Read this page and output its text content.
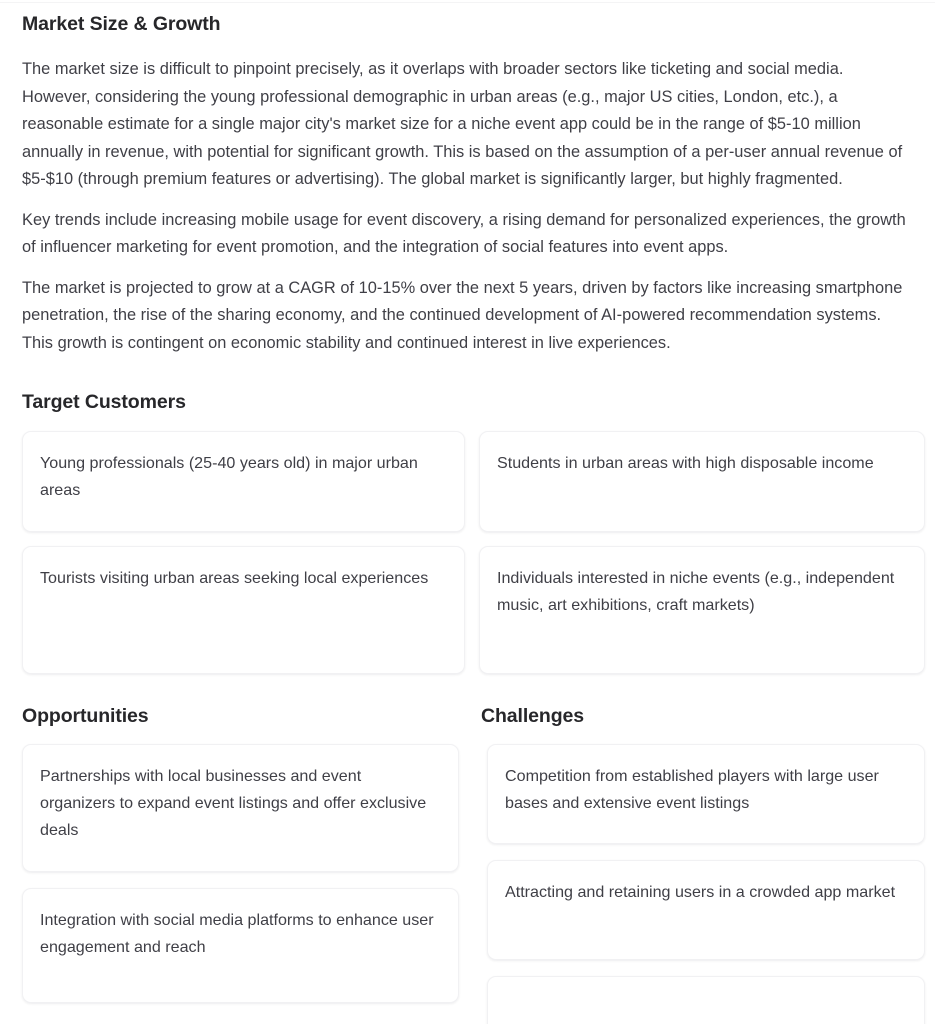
Market Size & Growth

The market size is difficult to pinpoint precisely, as it overlaps with broader sectors like ticketing and social media. However, considering the young professional demographic in urban areas (e.g., major US cities, London, etc.), a reasonable estimate for a single major city's market size for a niche event app could be in the range of $5-10 million annually in revenue, with potential for significant growth. This is based on the assumption of a per-user annual revenue of $5-$10 (through premium features or advertising). The global market is significantly larger, but highly fragmented.

Key trends include increasing mobile usage for event discovery, a rising demand for personalized experiences, the growth of influencer marketing for event promotion, and the integration of social features into event apps.

The market is projected to grow at a CAGR of 10-15% over the next 5 years, driven by factors like increasing smartphone penetration, the rise of the sharing economy, and the continued development of AI-powered recommendation systems. This growth is contingent on economic stability and continued interest in live experiences.

Target Customers
Young professionals (25-40 years old) in major urban areas
Students in urban areas with high disposable income
Tourists visiting urban areas seeking local experiences	Individuals interested in niche events (e.g., independent music, art exhibitions, craft markets)
Opportunities	Challenges
Partnerships with local businesses and event organizers to expand event listings and offer exclusive deals
Integration with social media platforms to enhance user engagement and reach
Competition from established players with large user bases and extensive event listings
Attracting and retaining users in a crowded app market
